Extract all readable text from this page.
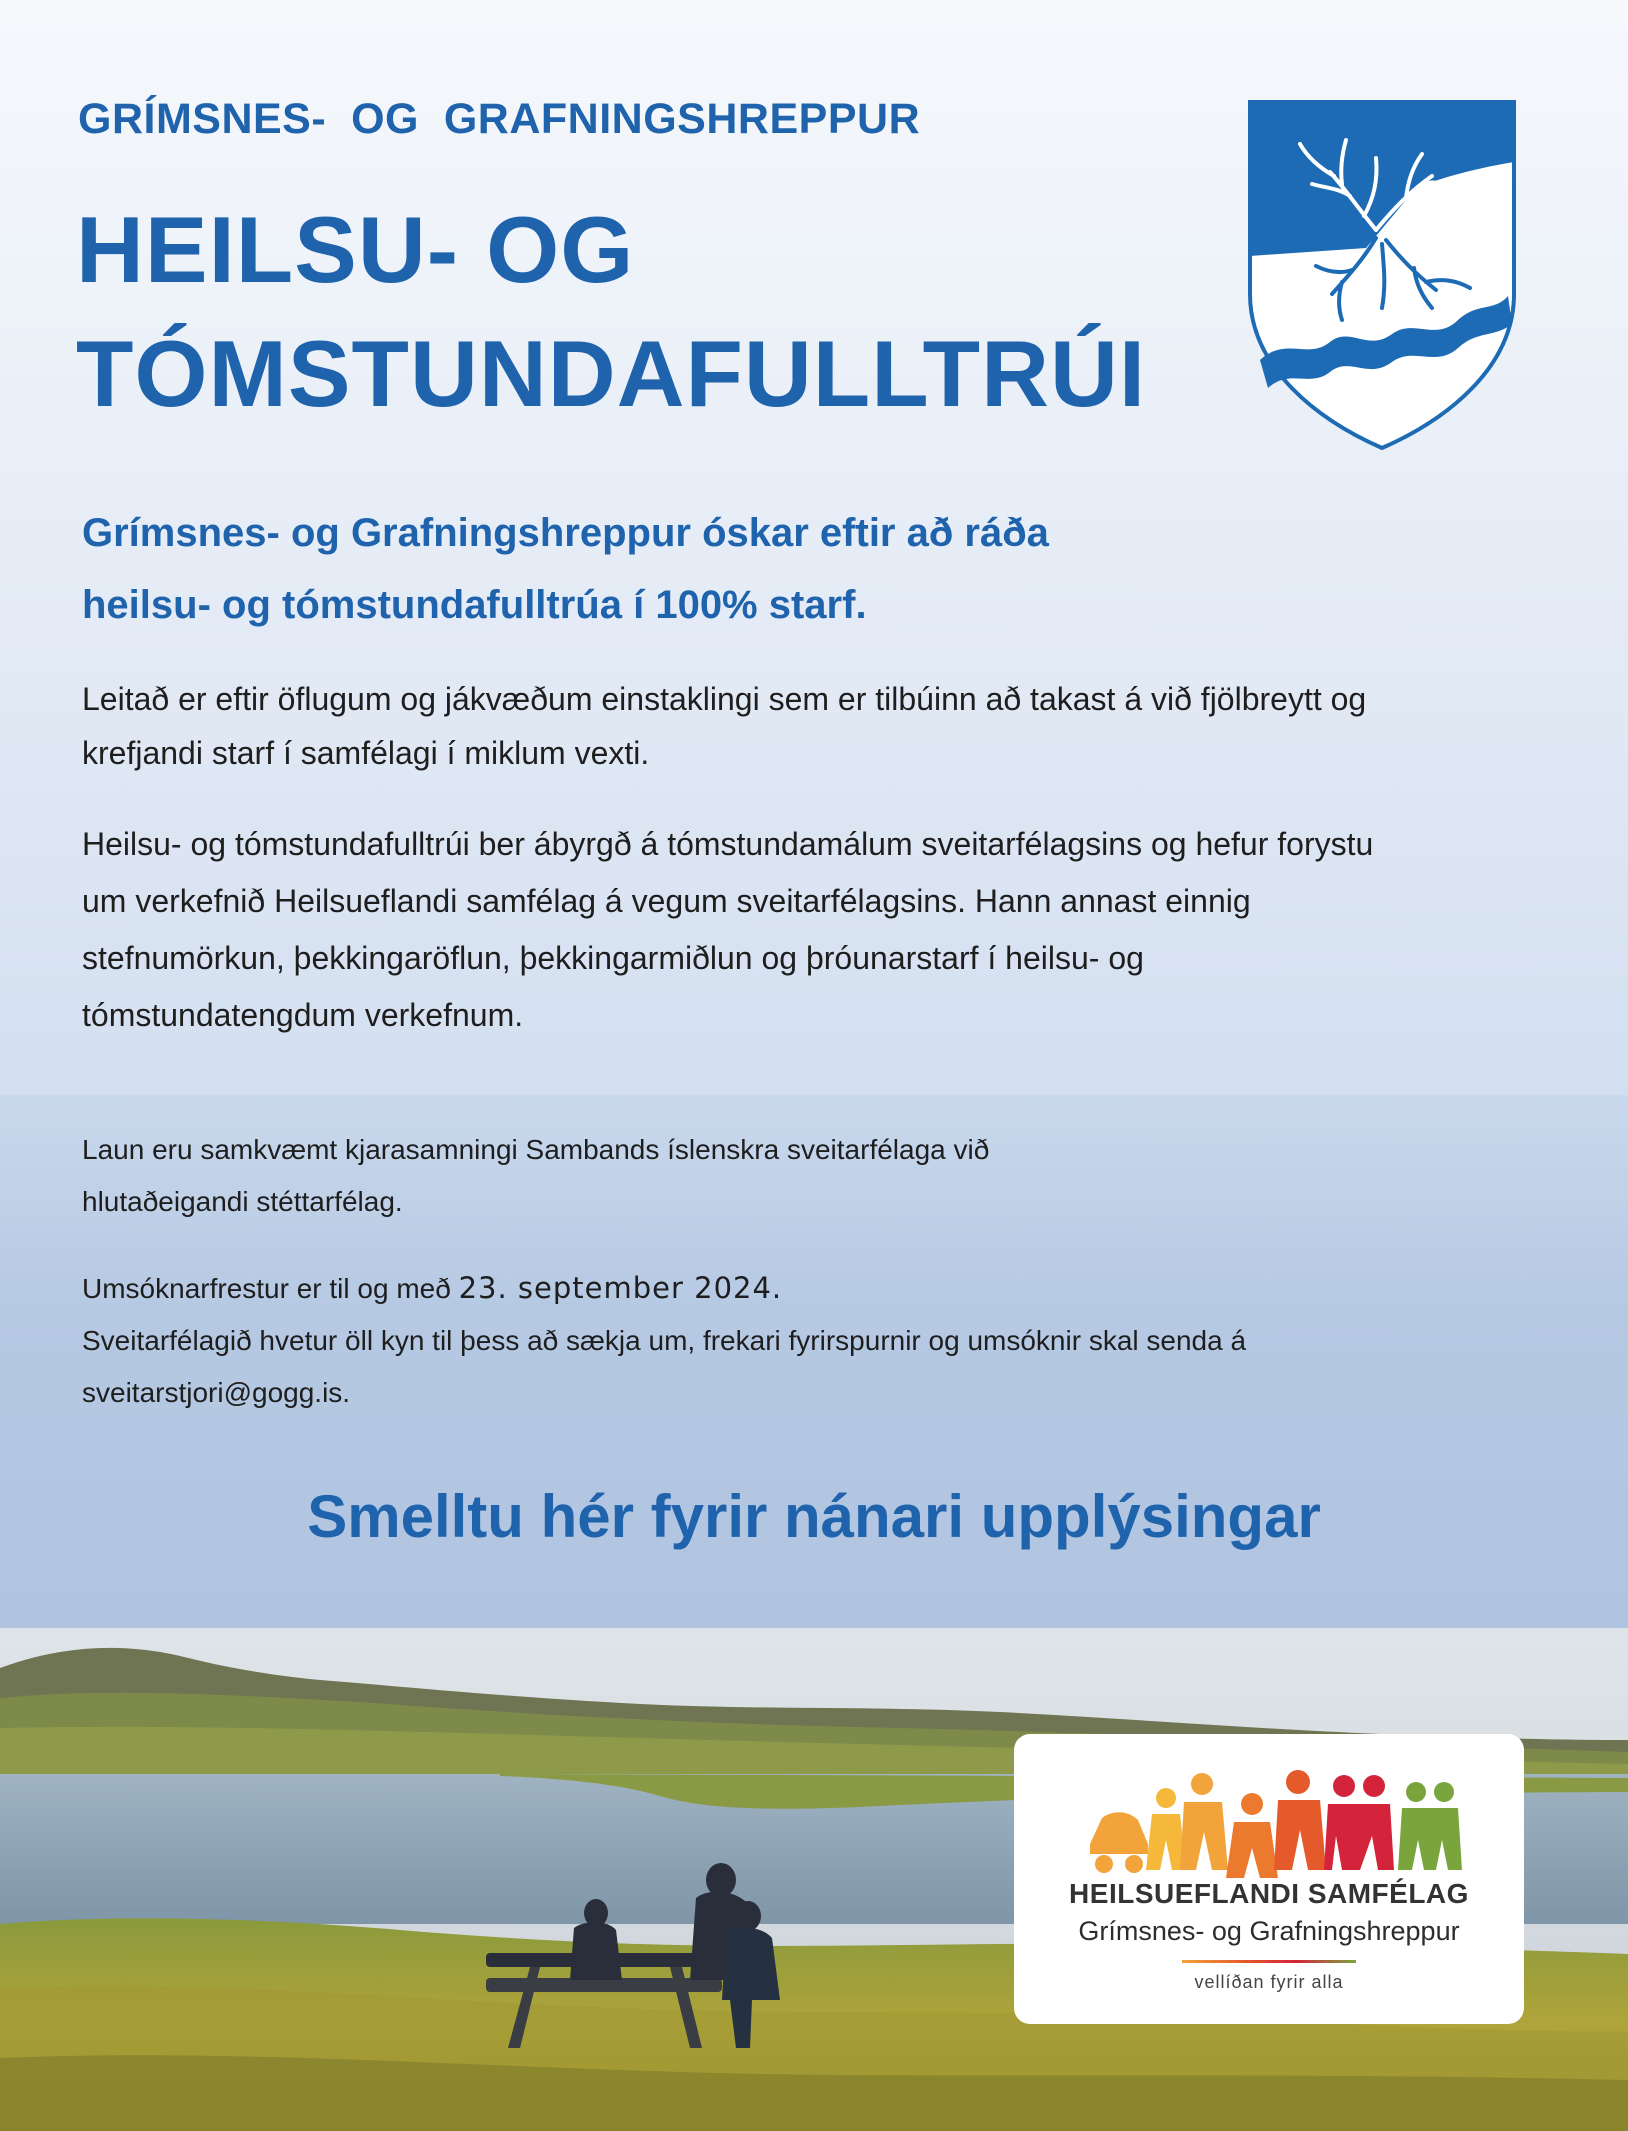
GRÍMSNES-  OG  GRAFNINGSHREPPUR
HEILSU- OG
TÓMSTUNDAFULLTRÚI
Grímsnes- og Grafningshreppur óskar eftir að ráða
heilsu- og tómstundafulltrúa í 100% starf.
Leitað er eftir öflugum og jákvæðum einstaklingi sem er tilbúinn að takast á við fjölbreytt og
krefjandi starf í samfélagi í miklum vexti.
Heilsu- og tómstundafulltrúi ber ábyrgð á tómstundamálum sveitarfélagsins og hefur forystu
um verkefnið Heilsueflandi samfélag á vegum sveitarfélagsins. Hann annast einnig
stefnumörkun, þekkingaröflun, þekkingarmiðlun og þróunarstarf í heilsu- og
tómstundatengdum verkefnum.
Laun eru samkvæmt kjarasamningi Sambands íslenskra sveitarfélaga við
hlutaðeigandi stéttarfélag.
Umsóknarfrestur er til og með 23. september 2024.
Sveitarfélagið hvetur öll kyn til þess að sækja um, frekari fyrirspurnir og umsóknir skal senda á
sveitarstjori@gogg.is.
Smelltu hér fyrir nánari upplýsingar
HEILSUEFLANDI SAMFÉLAG
Grímsnes- og Grafningshreppur
vellíðan fyrir alla
